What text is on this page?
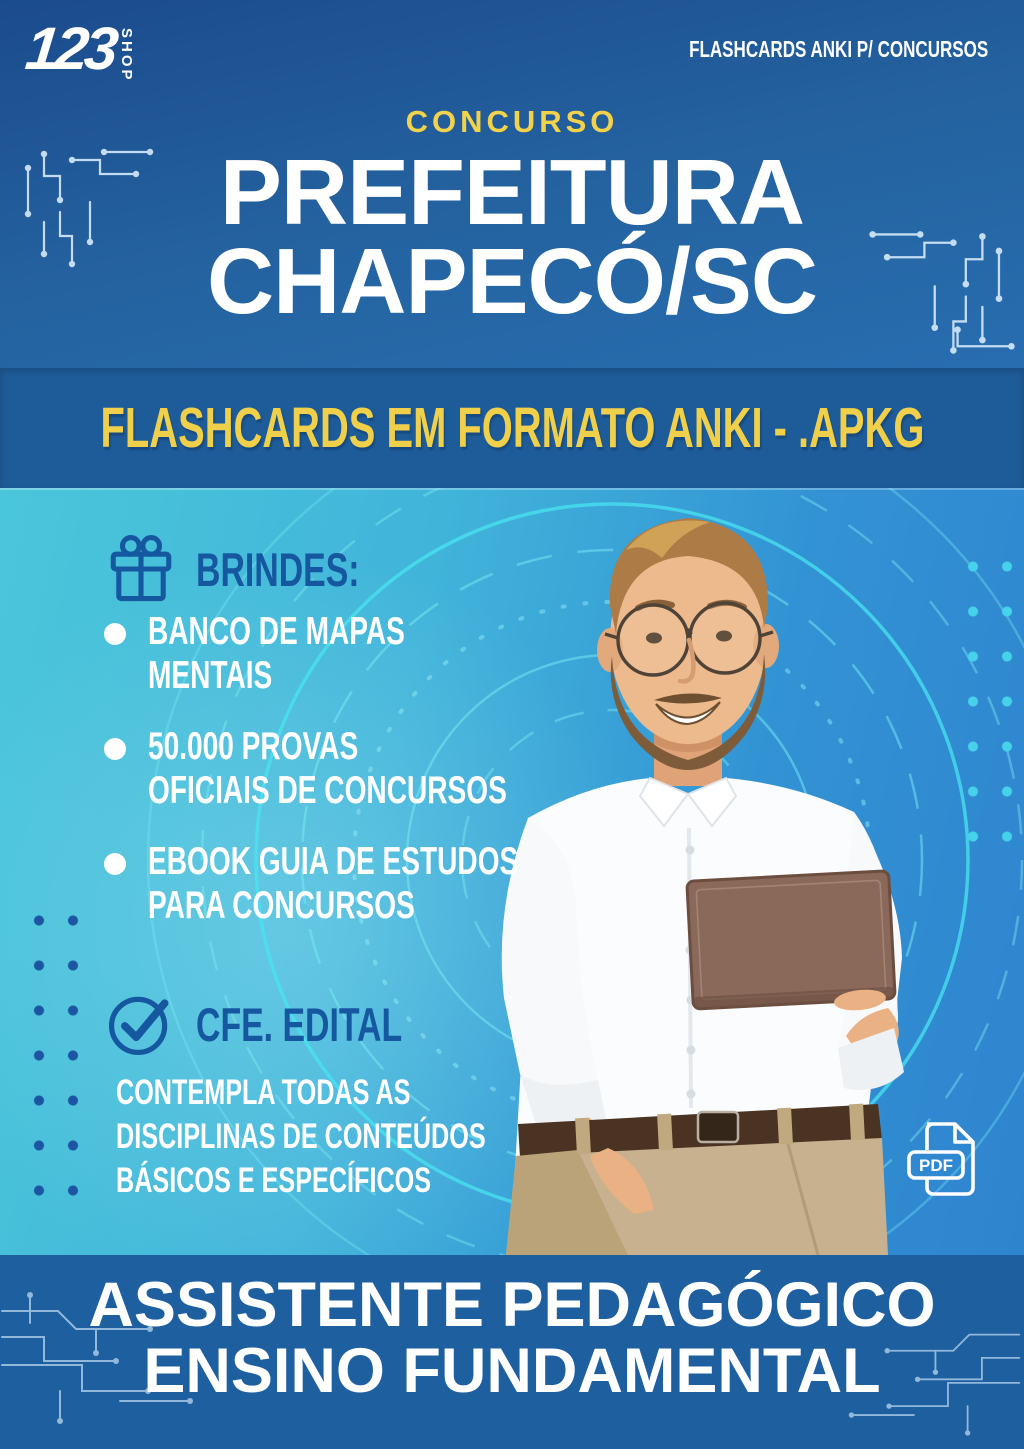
123 SHOP	FLASHCARDS ANKI P/ CONCURSOS
CONCURSO
PREFEITURA
CHAPECÓ/SC
FLASHCARDS EM FORMATO ANKI - .APKG
BRINDES:
BANCO DE MAPAS
MENTAIS
50.000 PROVAS
OFICIAIS DE CONCURSOS
EBOOK GUIA DE ESTUDOS
PARA CONCURSOS
CFE. EDITAL
CONTEMPLA TODAS AS
DISCIPLINAS DE CONTEÚDOS
BÁSICOS E ESPECÍFICOS	PDF
ASSISTENTE PEDAGÓGICO
ENSINO FUNDAMENTAL
